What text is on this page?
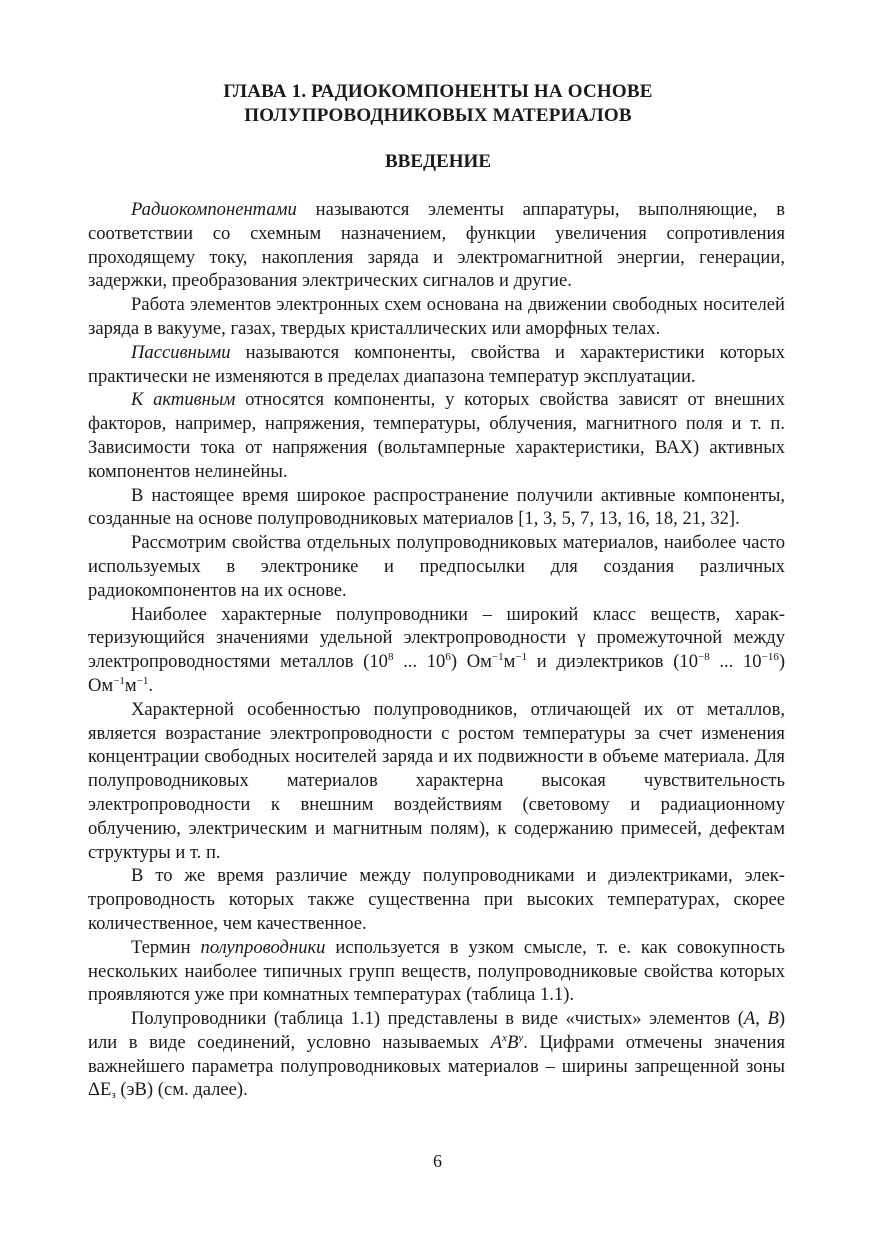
ГЛАВА 1. РАДИОКОМПОНЕНТЫ НА ОСНОВЕ
ПОЛУПРОВОДНИКОВЫХ МАТЕРИАЛОВ
ВВЕДЕНИЕ

Радиокомпонентами называются элементы аппаратуры, выполняющие, в соответствии со схемным назначением, функции увеличения сопротивления проходящему току, накопления заряда и электромагнитной энергии, генерации, задержки, преобразования электрических сигналов и другие.

Работа элементов электронных схем основана на движении свободных носителей заряда в вакууме, газах, твердых кристаллических или аморфных телах.

Пассивными называются компоненты, свойства и характеристики которых практически не изменяются в пределах диапазона температур эксплуатации.

К активным относятся компоненты, у которых свойства зависят от внешних факторов, например, напряжения, температуры, облучения, магнитного поля и т. п. Зависимости тока от напряжения (вольтамперные характеристики, ВАХ) активных компонентов нелинейны.

В настоящее время широкое распространение получили активные компоненты, созданные на основе полупроводниковых материалов [1, 3, 5, 7, 13, 16, 18, 21, 32].

Рассмотрим свойства отдельных полупроводниковых материалов, наиболее часто используемых в электронике и предпосылки для создания различных радиокомпонентов на их основе.

Наиболее характерные полупроводники – широкий класс веществ, характеризующийся значениями удельной электропроводности γ промежуточной между электропроводностями металлов ($10^8$ ... $10^6$) $Ом^{-1}м^{-1}$ и диэлектриков ($10^{-8}$ ... $10^{-16}$) $Ом^{-1}м^{-1}$.

Характерной особенностью полупроводников, отличающей их от металлов, является возрастание электропроводности с ростом температуры за счет изменения концентрации свободных носителей заряда и их подвижности в объеме материала. Для полупроводниковых материалов характерна высокая чувствительность электропроводности к внешним воздействиям (световому и радиационному облучению, электрическим и магнитным полям), к содержанию примесей, дефектам структуры и т. п.

В то же время различие между полупроводниками и диэлектриками, электропроводность которых также существенна при высоких температурах, скорее количественное, чем качественное.

Термин полупроводники используется в узком смысле, т. е. как совокупность нескольких наиболее типичных групп веществ, полупроводниковые свойства которых проявляются уже при комнатных температурах (таблица 1.1).

Полупроводники (таблица 1.1) представлены в виде «чистых» элементов (A, B) или в виде соединений, условно называемых $A^xB^y$. Цифрами отмечены значения важнейшего параметра полупроводниковых материалов – ширины запрещенной зоны $\Delta E_з$ (эВ) (см. далее).

6
